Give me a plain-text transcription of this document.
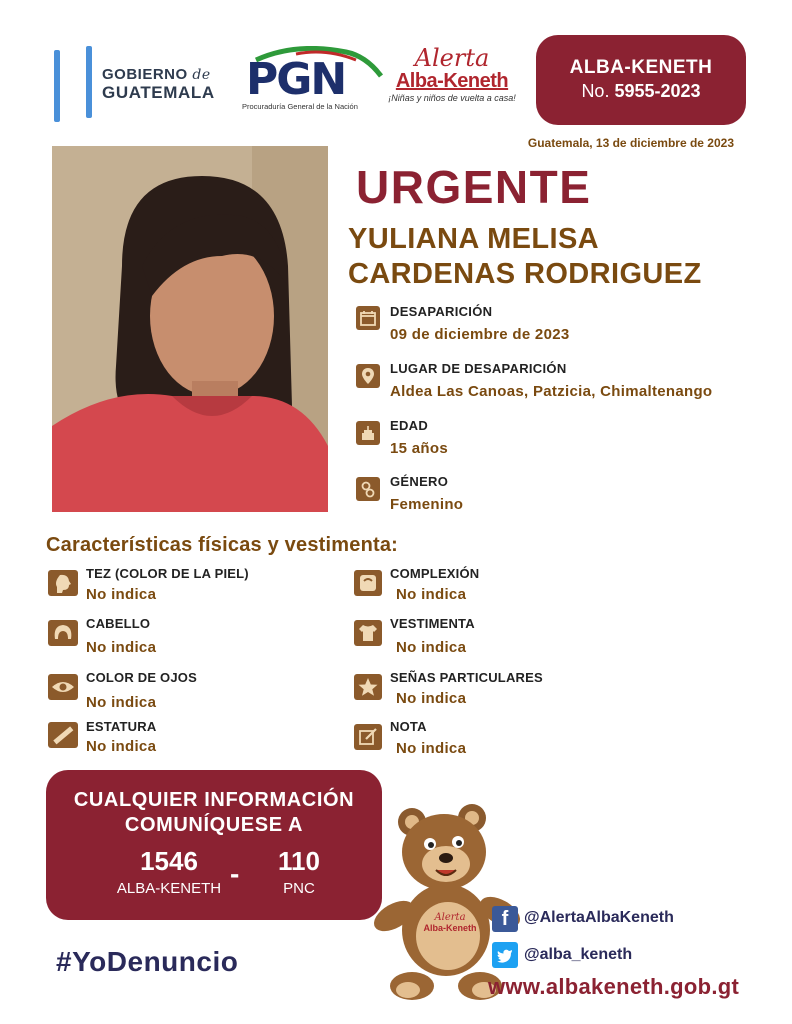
GOBIERNO de
GUATEMALA PGN
Procuraduría General de la Nación
Alerta
Alba-Keneth
¡Niñas y niños de vuelta a casa!
ALBA-KENETH
No. 5955-2023
Guatemala, 13 de diciembre de 2023
URGENTE
YULIANA MELISA
CARDENAS RODRIGUEZ
DESAPARICIÓN
09 de diciembre de 2023
LUGAR DE DESAPARICIÓN
Aldea Las Canoas, Patzicia, Chimaltenango
EDAD
15 años
GÉNERO
Femenino
Características físicas y vestimenta:
TEZ (COLOR DE LA PIEL)
No indica
CABELLO
No indica
COLOR DE OJOS
No indica
ESTATURA
No indica
COMPLEXIÓN
No indica
VESTIMENTA
No indica
SEÑAS PARTICULARES
No indica
NOTA
No indica
CUALQUIER INFORMACIÓN
COMUNÍQUESE A
1546
ALBA-KENETH -	110
PNC
#YoDenuncio
Alerta
Alba-Keneth	f @AlertaAlbaKeneth
@alba_keneth
www.albakeneth.gob.gt
